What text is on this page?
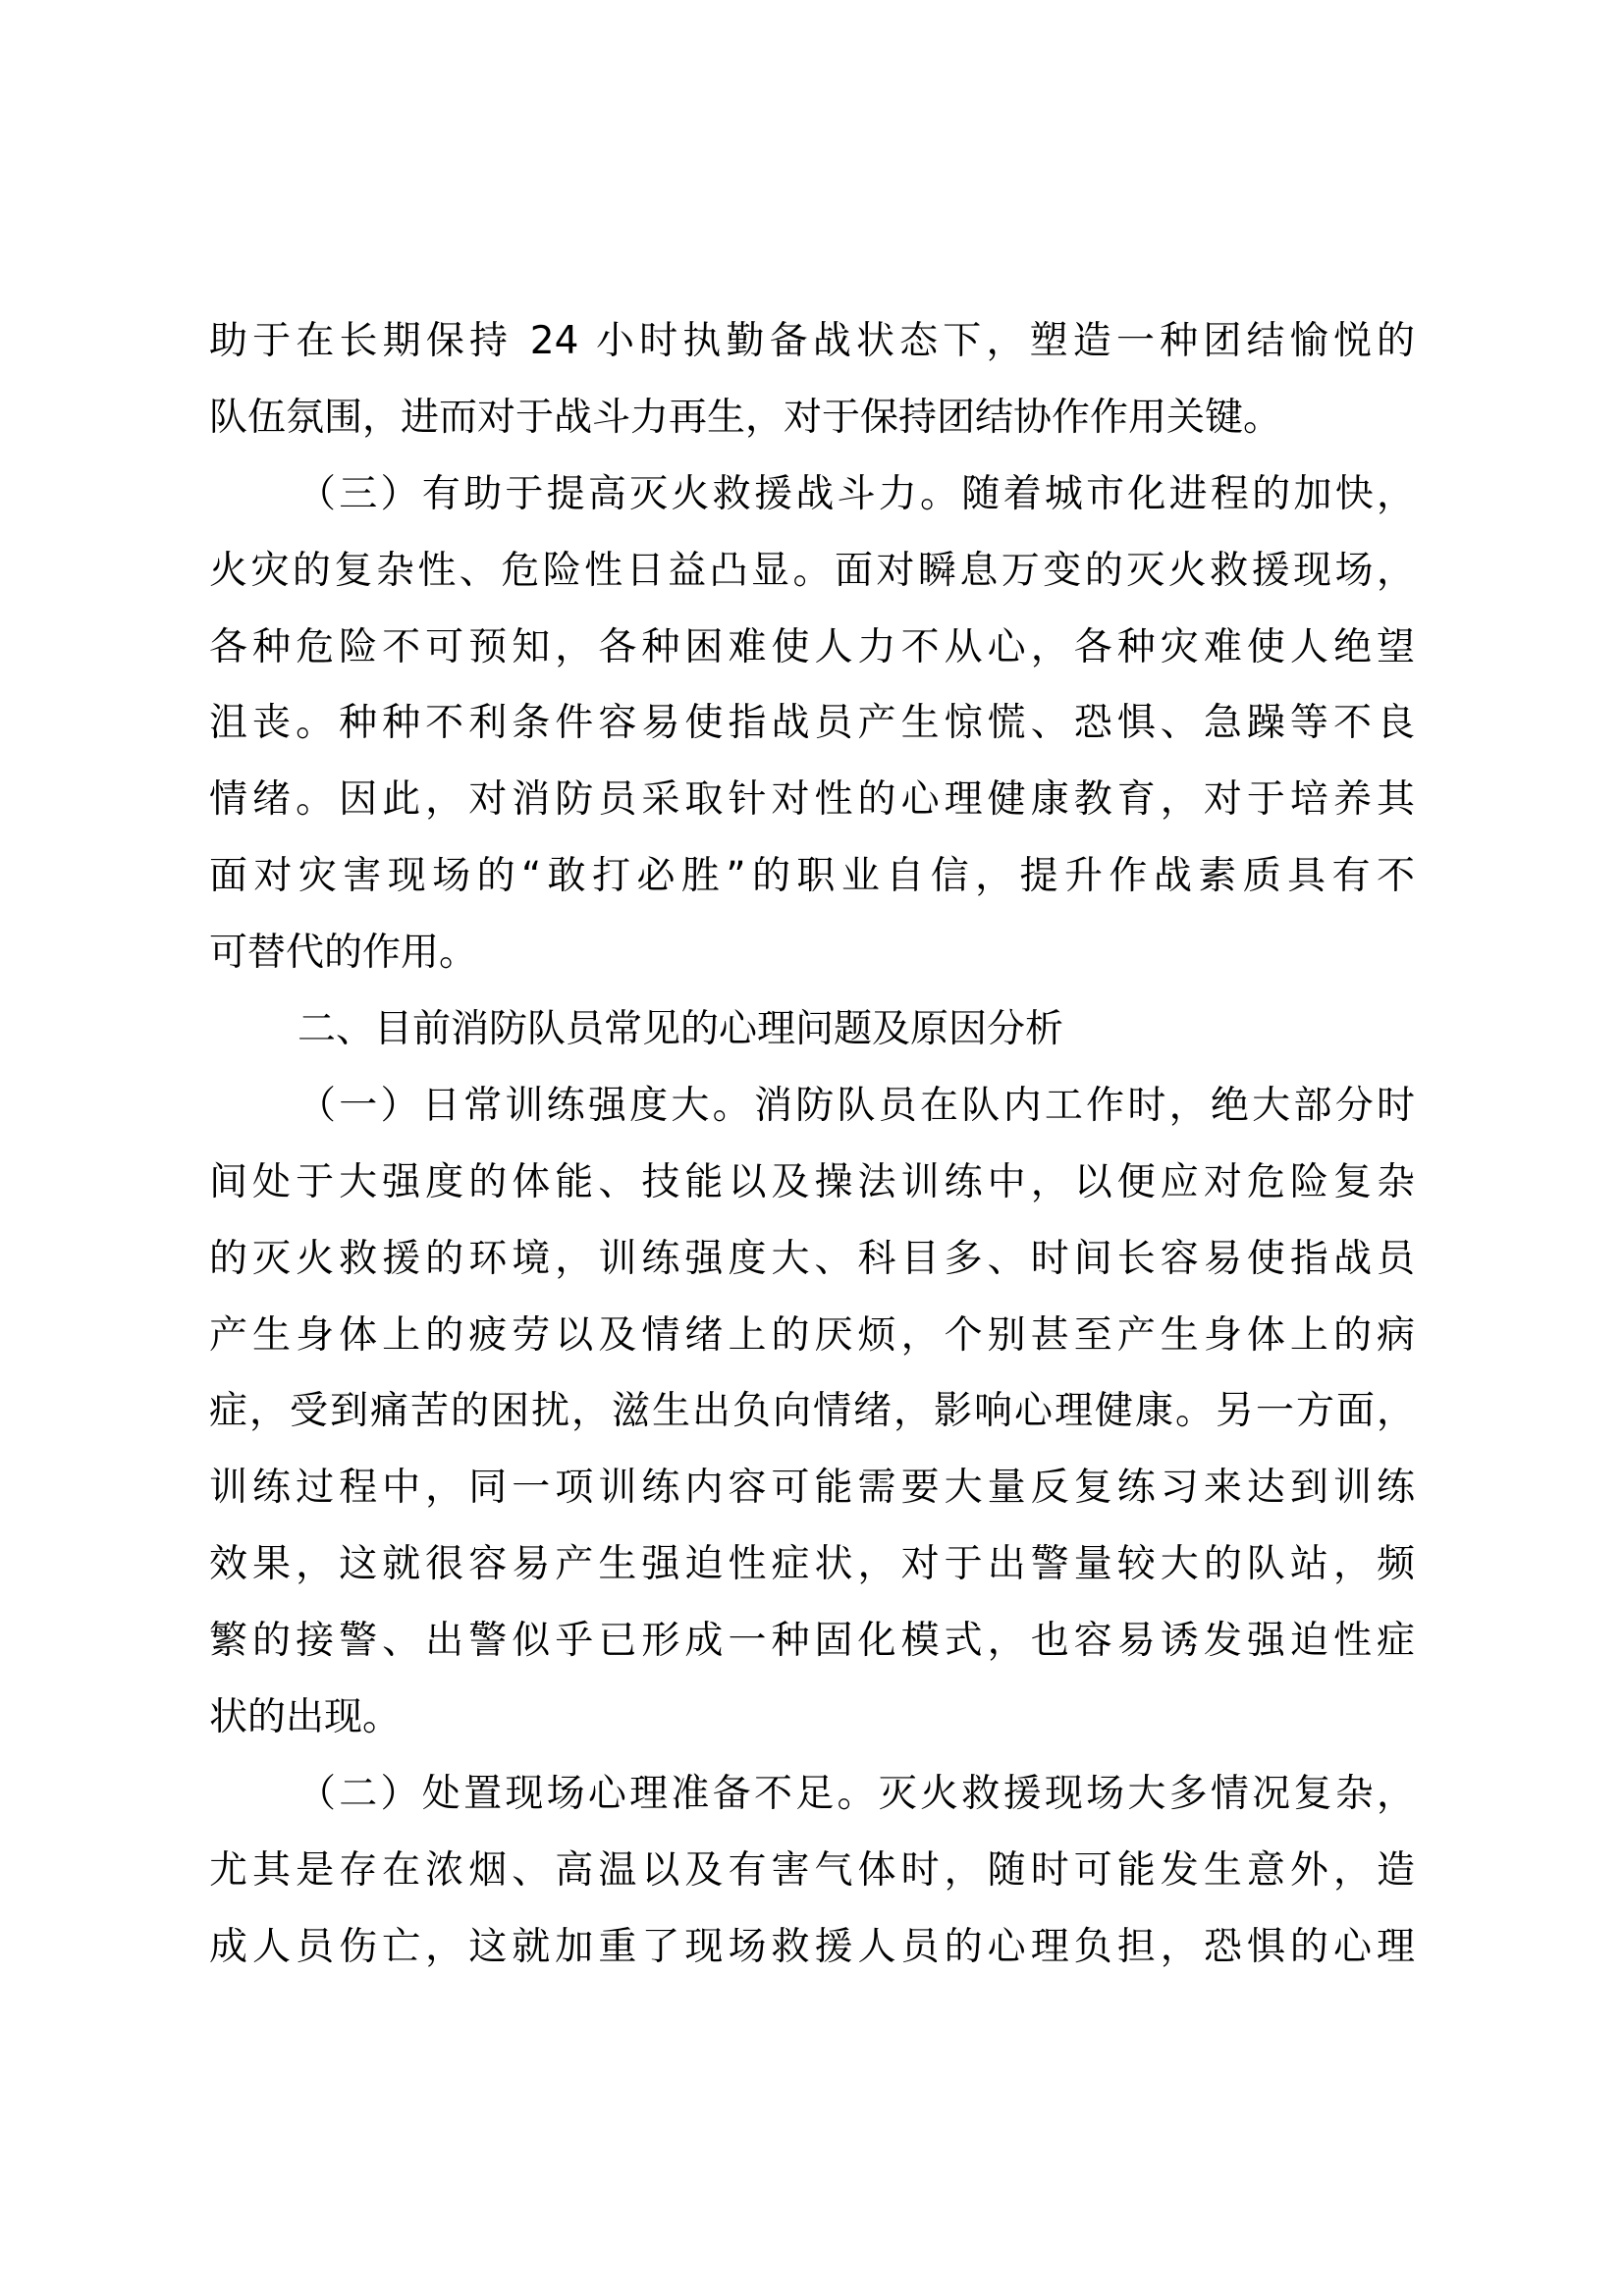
助于在长期保持 24 小时执勤备战状态下，塑造一种团结愉悦的
队伍氛围，进而对于战斗力再生，对于保持团结协作作用关键。
（三）有助于提高灭火救援战斗力。随着城市化进程的加快，
火灾的复杂性、危险性日益凸显。面对瞬息万变的灭火救援现场，
各种危险不可预知，各种困难使人力不从心，各种灾难使人绝望
沮丧。种种不利条件容易使指战员产生惊慌、恐惧、急躁等不良
情绪。因此，对消防员采取针对性的心理健康教育，对于培养其
面对灾害现场的“敢打必胜”的职业自信，提升作战素质具有不
可替代的作用。
二、目前消防队员常见的心理问题及原因分析
（一）日常训练强度大。消防队员在队内工作时，绝大部分时
间处于大强度的体能、技能以及操法训练中，以便应对危险复杂
的灭火救援的环境，训练强度大、科目多、时间长容易使指战员
产生身体上的疲劳以及情绪上的厌烦，个别甚至产生身体上的病
症，受到痛苦的困扰，滋生出负向情绪，影响心理健康。另一方面，
训练过程中，同一项训练内容可能需要大量反复练习来达到训练
效果，这就很容易产生强迫性症状，对于出警量较大的队站，频
繁的接警、出警似乎已形成一种固化模式，也容易诱发强迫性症
状的出现。
（二）处置现场心理准备不足。灭火救援现场大多情况复杂，
尤其是存在浓烟、高温以及有害气体时，随时可能发生意外，造
成人员伤亡，这就加重了现场救援人员的心理负担，恐惧的心理
